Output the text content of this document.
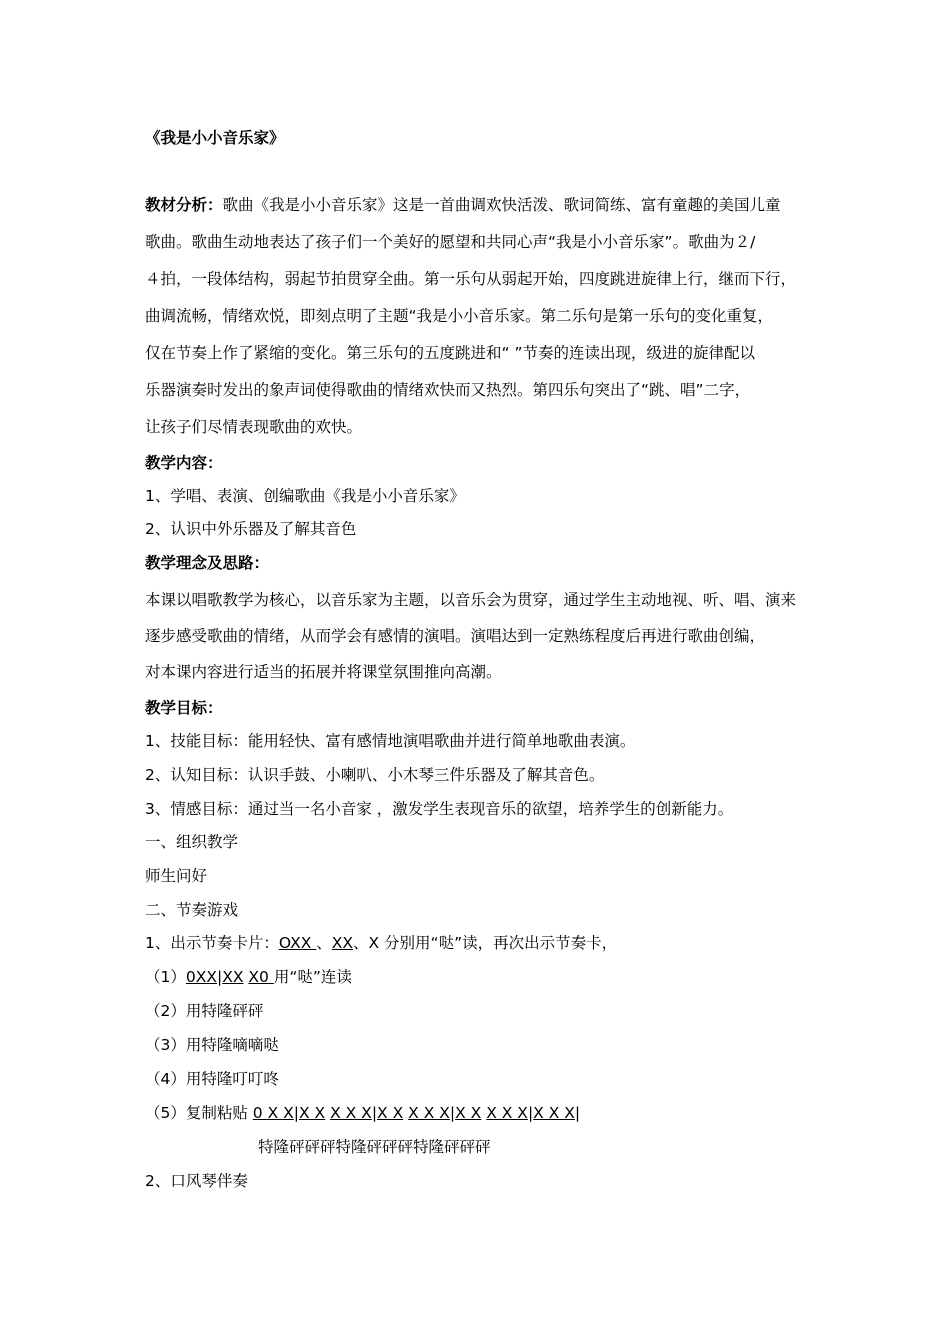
《我是小小音乐家》
教材分析：歌曲《我是小小音乐家》这是一首曲调欢快活泼、歌词简练、富有童趣的美国儿童
歌曲。歌曲生动地表达了孩子们一个美好的愿望和共同心声“我是小小音乐家”。歌曲为２/
４拍，一段体结构，弱起节拍贯穿全曲。第一乐句从弱起开始，四度跳进旋律上行，继而下行，
曲调流畅，情绪欢悦，即刻点明了主题“我是小小音乐家。第二乐句是第一乐句的变化重复，
仅在节奏上作了紧缩的变化。第三乐句的五度跳进和“ ”节奏的连读出现，级进的旋律配以
乐器演奏时发出的象声词使得歌曲的情绪欢快而又热烈。第四乐句突出了“跳、唱”二字，
让孩子们尽情表现歌曲的欢快。
教学内容：
1、学唱、表演、创编歌曲《我是小小音乐家》
2、认识中外乐器及了解其音色
教学理念及思路：
本课以唱歌教学为核心，以音乐家为主题，以音乐会为贯穿，通过学生主动地视、听、唱、演来
逐步感受歌曲的情绪，从而学会有感情的演唱。演唱达到一定熟练程度后再进行歌曲创编，
对本课内容进行适当的拓展并将课堂氛围推向高潮。
教学目标：
1、技能目标：能用轻快、富有感情地演唱歌曲并进行简单地歌曲表演。
2、认知目标：认识手鼓、小喇叭、小木琴三件乐器及了解其音色。
3、情感目标：通过当一名小音家 ，激发学生表现音乐的欲望，培养学生的创新能力。
一、组织教学
师生问好
二、节奏游戏
1、出示节奏卡片：OXX 、XX、X 分别用“哒”读，再次出示节奏卡，
（1）0XX|XX X0 用“哒”连读
（2）用特隆砰砰
（3）用特隆嘀嘀哒
（4）用特隆叮叮咚
（5）复制粘贴 0 X X|X X X X X|X X X X X|X X X X X|X X X|
特隆砰砰砰特隆砰砰砰特隆砰砰砰
2、口风琴伴奏
